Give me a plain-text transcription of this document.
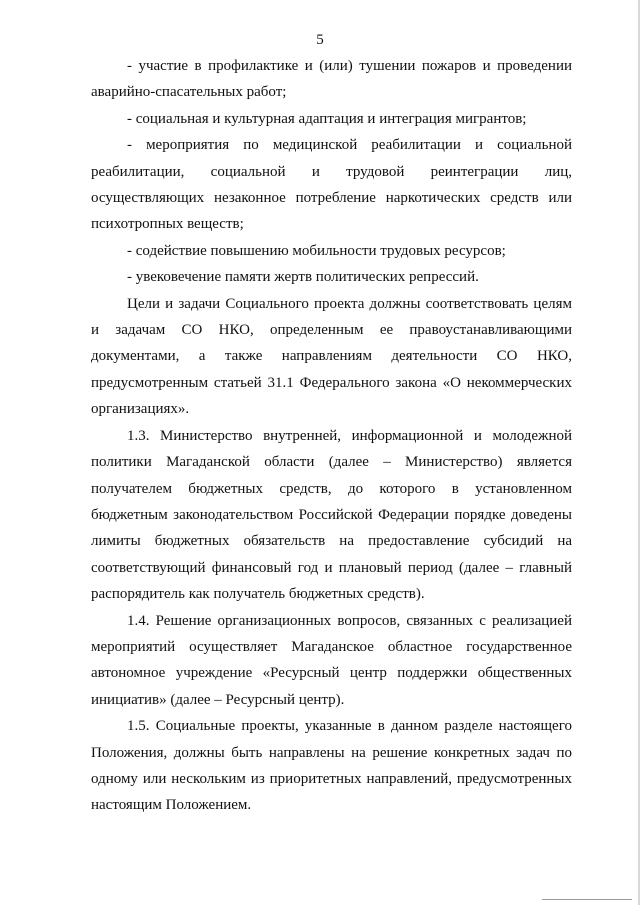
5

- участие в профилактике и (или) тушении пожаров и проведении аварийно-спасательных работ;

- социальная и культурная адаптация и интеграция мигрантов;

- мероприятия по медицинской реабилитации и социальной реабилитации, социальной и трудовой реинтеграции лиц, осуществляющих незаконное потребление наркотических средств или психотропных веществ;

- содействие повышению мобильности трудовых ресурсов;

- увековечение памяти жертв политических репрессий.

Цели и задачи Социального проекта должны соответствовать целям и задачам СО НКО, определенным ее правоустанавливающими документами, а также направлениям деятельности СО НКО, предусмотренным статьей 31.1 Федерального закона «О некоммерческих организациях».

1.3. Министерство внутренней, информационной и молодежной политики Магаданской области (далее – Министерство) является получателем бюджетных средств, до которого в установленном бюджетным законодательством Российской Федерации порядке доведены лимиты бюджетных обязательств на предоставление субсидий на соответствующий финансовый год и плановый период (далее – главный распорядитель как получатель бюджетных средств).

1.4. Решение организационных вопросов, связанных с реализацией мероприятий осуществляет Магаданское областное государственное автономное учреждение «Ресурсный центр поддержки общественных инициатив» (далее – Ресурсный центр).

1.5. Социальные проекты, указанные в данном разделе настоящего Положения, должны быть направлены на решение конкретных задач по одному или нескольким из приоритетных направлений, предусмотренных настоящим Положением.
